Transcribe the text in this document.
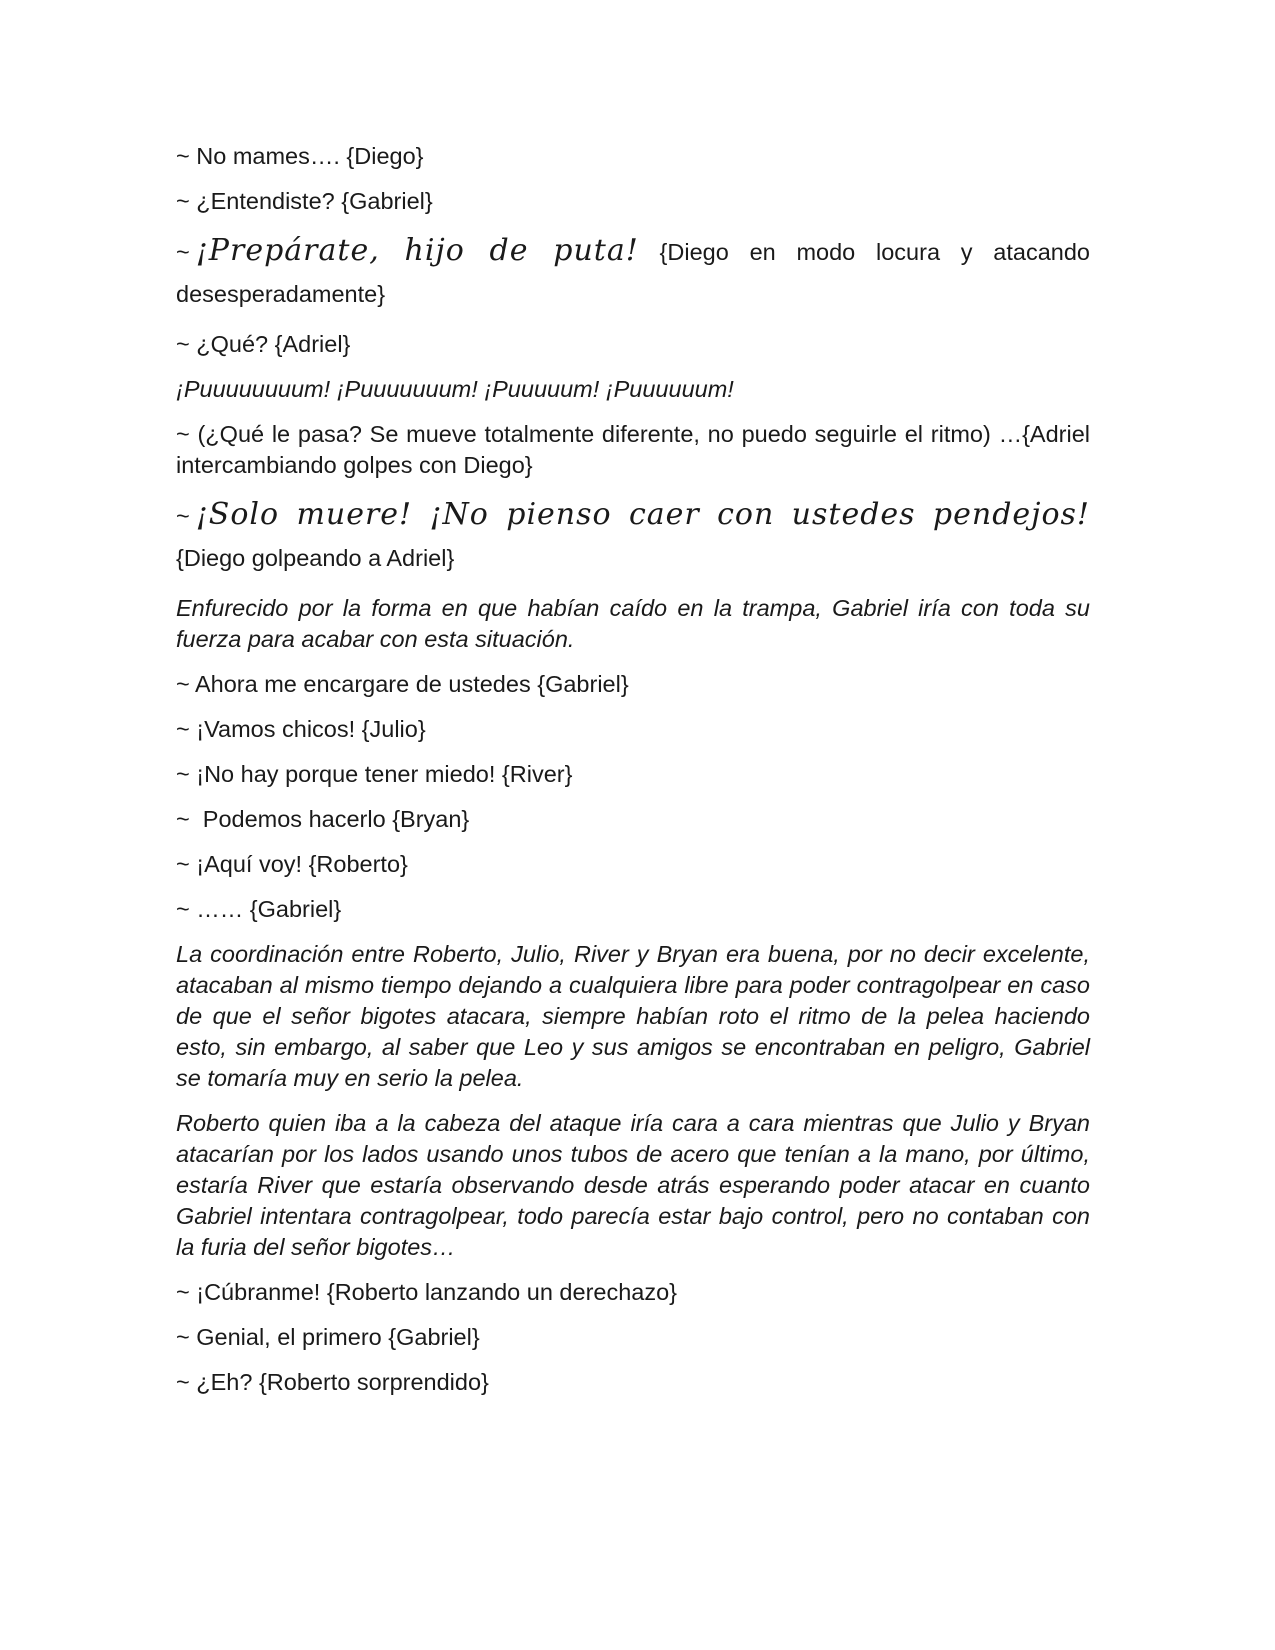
~ No mames…. {Diego}

~ ¿Entendiste? {Gabriel}

~ ¡Prepárate, hijo de puta! {Diego en modo locura y atacando desesperadamente}

~ ¿Qué? {Adriel}

¡Puuuuuuuum! ¡Puuuuuuum! ¡Puuuuum! ¡Puuuuuum!

~ (¿Qué le pasa? Se mueve totalmente diferente, no puedo seguirle el ritmo) …{Adriel intercambiando golpes con Diego}

~ ¡Solo muere! ¡No pienso caer con ustedes pendejos! {Diego golpeando a Adriel}

Enfurecido por la forma en que habían caído en la trampa, Gabriel iría con toda su fuerza para acabar con esta situación.

~ Ahora me encargare de ustedes {Gabriel}

~ ¡Vamos chicos! {Julio}

~ ¡No hay porque tener miedo! {River}

~  Podemos hacerlo {Bryan}

~ ¡Aquí voy! {Roberto}

~ …… {Gabriel}

La coordinación entre Roberto, Julio, River y Bryan era buena, por no decir excelente, atacaban al mismo tiempo dejando a cualquiera libre para poder contragolpear en caso de que el señor bigotes atacara, siempre habían roto el ritmo de la pelea haciendo esto, sin embargo, al saber que Leo y sus amigos se encontraban en peligro, Gabriel se tomaría muy en serio la pelea.

Roberto quien iba a la cabeza del ataque iría cara a cara mientras que Julio y Bryan atacarían por los lados usando unos tubos de acero que tenían a la mano, por último, estaría River que estaría observando desde atrás esperando poder atacar en cuanto Gabriel intentara contragolpear, todo parecía estar bajo control, pero no contaban con la furia del señor bigotes…

~ ¡Cúbranme! {Roberto lanzando un derechazo}

~ Genial, el primero {Gabriel}

~ ¿Eh? {Roberto sorprendido}
